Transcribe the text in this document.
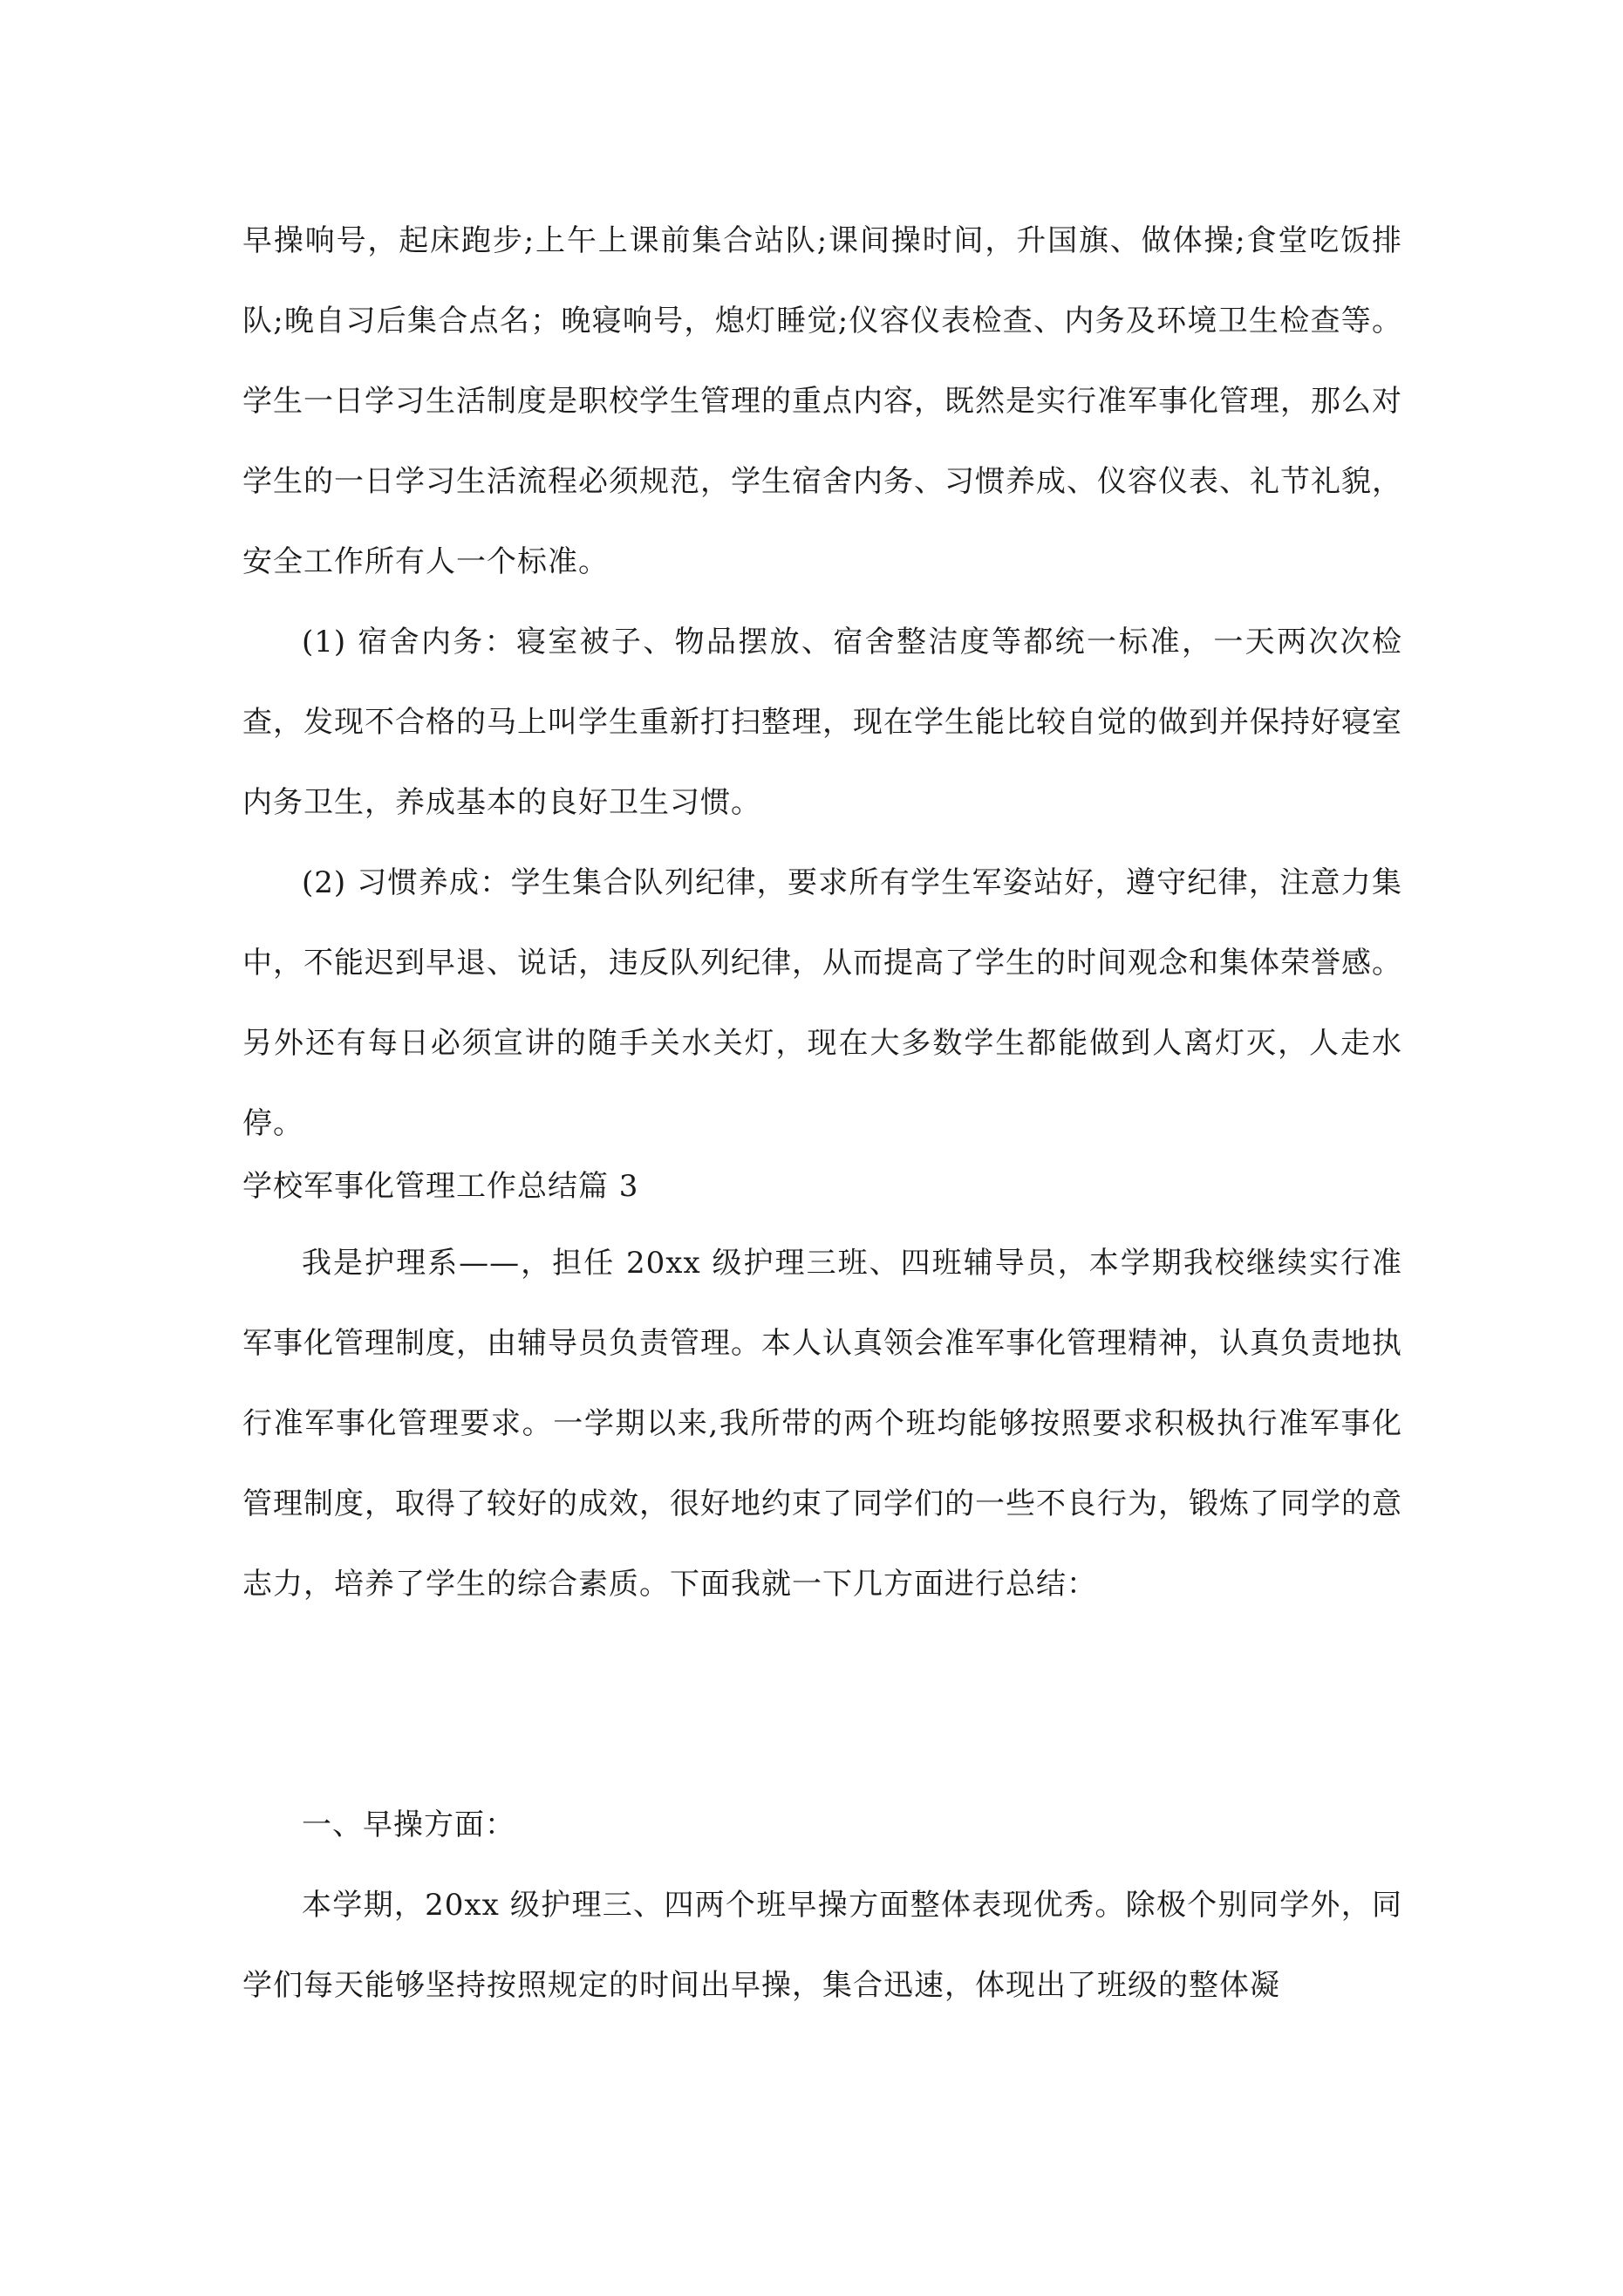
早操响号，起床跑步;上午上课前集合站队;课间操时间，升国旗、做体操;食堂吃饭排队;晚自习后集合点名；晚寝响号，熄灯睡觉;仪容仪表检查、内务及环境卫生检查等。学生一日学习生活制度是职校学生管理的重点内容，既然是实行准军事化管理，那么对学生的一日学习生活流程必须规范，学生宿舍内务、习惯养成、仪容仪表、礼节礼貌，安全工作所有人一个标准。

(1) 宿舍内务：寝室被子、物品摆放、宿舍整洁度等都统一标准，一天两次次检查，发现不合格的马上叫学生重新打扫整理，现在学生能比较自觉的做到并保持好寝室内务卫生，养成基本的良好卫生习惯。

(2) 习惯养成：学生集合队列纪律，要求所有学生军姿站好，遵守纪律，注意力集中，不能迟到早退、说话，违反队列纪律，从而提高了学生的时间观念和集体荣誉感。另外还有每日必须宣讲的随手关水关灯，现在大多数学生都能做到人离灯灭，人走水停。

学校军事化管理工作总结篇 3

我是护理系——，担任 20xx 级护理三班、四班辅导员，本学期我校继续实行准军事化管理制度，由辅导员负责管理。本人认真领会准军事化管理精神，认真负责地执行准军事化管理要求。一学期以来,我所带的两个班均能够按照要求积极执行准军事化管理制度，取得了较好的成效，很好地约束了同学们的一些不良行为，锻炼了同学的意志力，培养了学生的综合素质。下面我就一下几方面进行总结：

一、早操方面：

本学期，20xx 级护理三、四两个班早操方面整体表现优秀。除极个别同学外，同学们每天能够坚持按照规定的时间出早操，集合迅速，体现出了班级的整体凝
